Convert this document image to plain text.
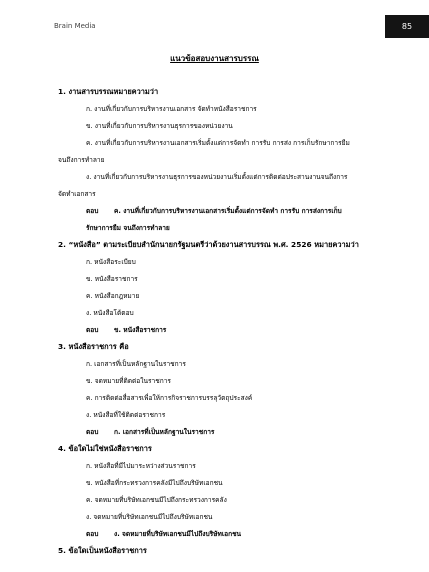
Brain Media	85
แนวข้อสอบงานสารบรรณ
1. งานสารบรรณหมายความว่า
ก. งานที่เกี่ยวกับการบริหารงานเอกสาร จัดทำหนังสือราชการ
ข. งานที่เกี่ยวกับการบริหารงานธุรการของหน่วยงาน
ค. งานที่เกี่ยวกับการบริหารงานเอกสารเริ่มตั้งแต่การจัดทำ การรับ การส่ง การเก็บรักษาการยืม
จนถึงการทำลาย
ง. งานที่เกี่ยวกับการบริหารงานธุรการของหน่วยงานเริ่มตั้งแต่การติดต่อประสานงานจนถึงการ
จัดทำเอกสาร
ตอบ ค. งานที่เกี่ยวกับการบริหารงานเอกสารเริ่มตั้งแต่การจัดทำ การรับ การส่งการเก็บ
รักษาการยืม จนถึงการทำลาย
2. “หนังสือ” ตามระเบียบสำนักนายกรัฐมนตรีว่าด้วยงานสารบรรณ พ.ศ. 2526 หมายความว่า
ก. หนังสือระเบียบ
ข. หนังสือราชการ
ค. หนังสือกฎหมาย
ง. หนังสือโต้ตอบ
ตอบ ข. หนังสือราชการ
3. หนังสือราชการ คือ
ก. เอกสารที่เป็นหลักฐานในราชการ
ข. จดหมายที่ติดต่อในราชการ
ค. การติดต่อสื่อสารเพื่อให้การกิจราชการบรรลุวัตถุประสงค์
ง. หนังสือที่ใช้ติดต่อราชการ
ตอบ ก. เอกสารที่เป็นหลักฐานในราชการ
4. ข้อใดไม่ใช่หนังสือราชการ
ก. หนังสือที่มีไปมาระหว่างส่วนราชการ
ข. หนังสือที่กระทรวงการคลังมีไปถึงบริษัทเอกชน
ค. จดหมายที่บริษัทเอกชนมีไปถึงกระทรวงการคลัง
ง. จดหมายที่บริษัทเอกชนมีไปถึงบริษัทเอกชน
ตอบ ง. จดหมายที่บริษัทเอกชนมีไปถึงบริษัทเอกชน
5. ข้อใดเป็นหนังสือราชการ
